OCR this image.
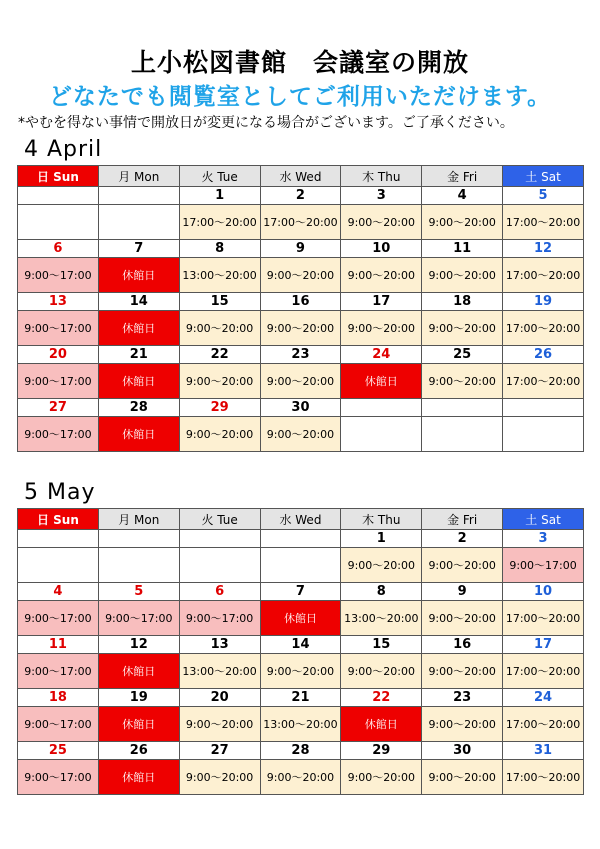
上小松図書館　会議室の開放
どなたでも閲覧室としてご利用いただけます。
*やむを得ない事情で開放日が変更になる場合がございます。ご了承ください。
4 April
日 Sun	月 Mon	火 Tue	水 Wed	木 Thu	金 Fri	土 Sat
		1	2	3	4	5
		17:00～20:00	17:00～20:00	9:00～20:00	9:00～20:00	17:00～20:00
6	7	8	9	10	11	12
9:00～17:00	休館日	13:00～20:00	9:00～20:00	9:00～20:00	9:00～20:00	17:00～20:00
13	14	15	16	17	18	19
9:00～17:00	休館日	9:00～20:00	9:00～20:00	9:00～20:00	9:00～20:00	17:00～20:00
20	21	22	23	24	25	26
9:00～17:00	休館日	9:00～20:00	9:00～20:00	休館日	9:00～20:00	17:00～20:00
27	28	29	30			
9:00～17:00	休館日	9:00～20:00	9:00～20:00			
5 May
日 Sun	月 Mon	火 Tue	水 Wed	木 Thu	金 Fri	土 Sat
				1	2	3
				9:00～20:00	9:00～20:00	9:00～17:00
4	5	6	7	8	9	10
9:00～17:00	9:00～17:00	9:00～17:00	休館日	13:00～20:00	9:00～20:00	17:00～20:00
11	12	13	14	15	16	17
9:00～17:00	休館日	13:00～20:00	9:00～20:00	9:00～20:00	9:00～20:00	17:00～20:00
18	19	20	21	22	23	24
9:00～17:00	休館日	9:00～20:00	13:00～20:00	休館日	9:00～20:00	17:00～20:00
25	26	27	28	29	30	31
9:00～17:00	休館日	9:00～20:00	9:00～20:00	9:00～20:00	9:00～20:00	17:00～20:00
